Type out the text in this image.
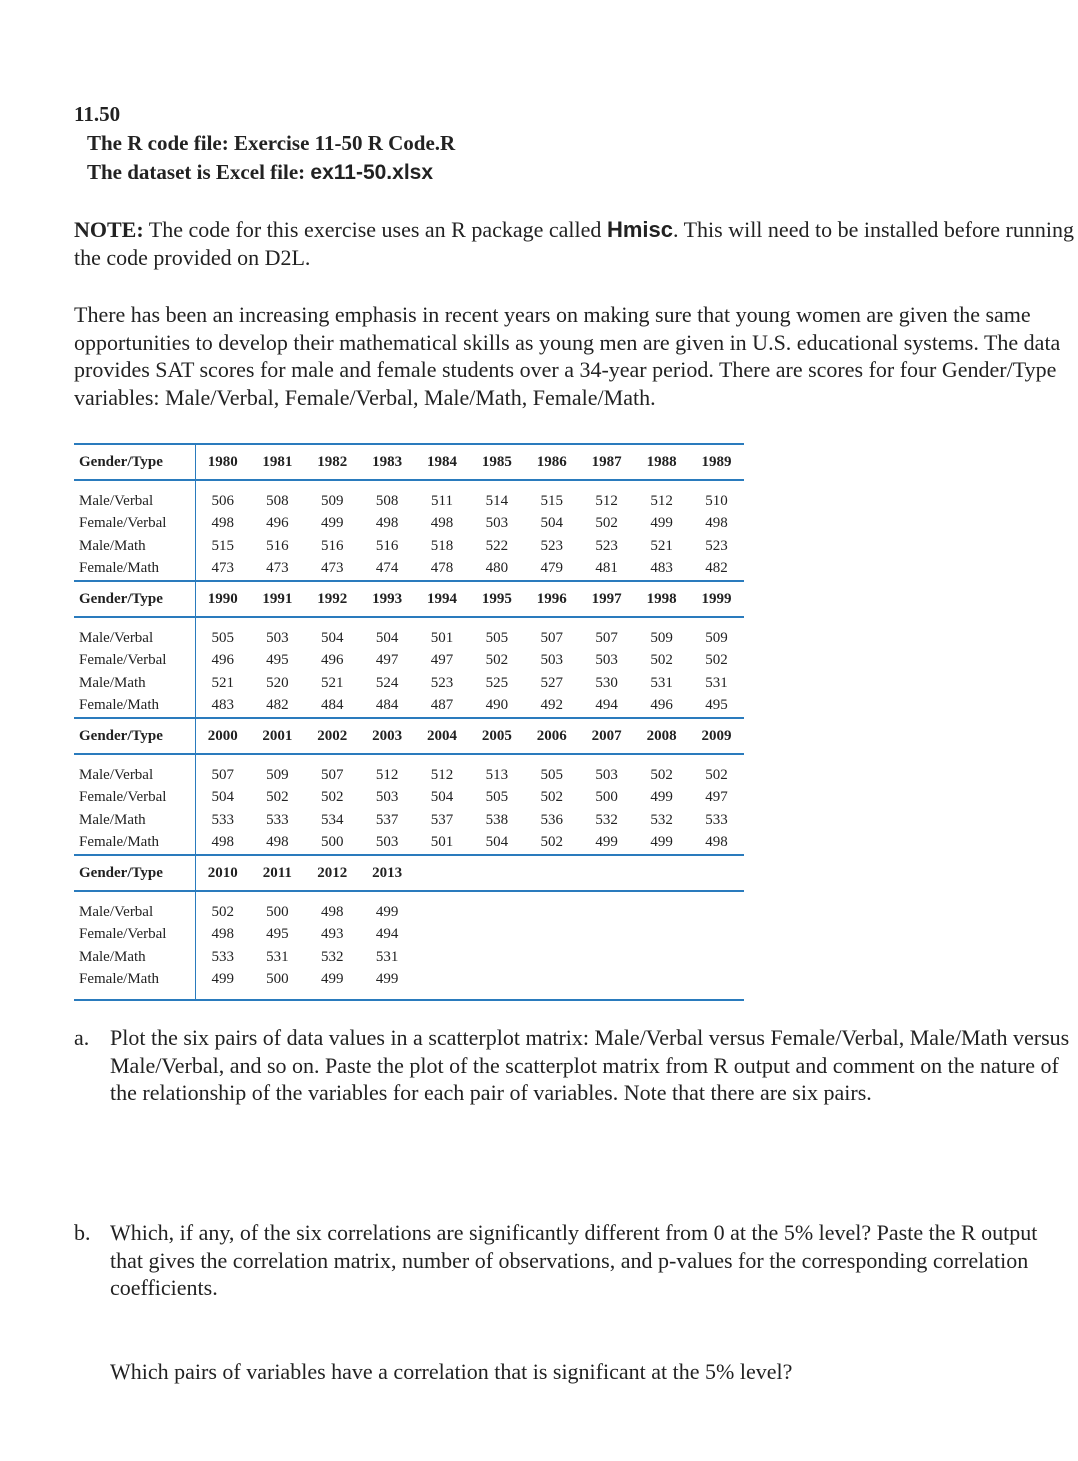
11.50
The R code file: Exercise 11-50 R Code.R
The dataset is Excel file: ex11-50.xlsx
NOTE: The code for this exercise uses an R package called Hmisc. This will need to be installed before running the code provided on D2L.
There has been an increasing emphasis in recent years on making sure that young women are given the same opportunities to develop their mathematical skills as young men are given in U.S. educational systems. The data provides SAT scores for male and female students over a 34-year period. There are scores for four Gender/Type variables: Male/Verbal, Female/Verbal, Male/Math, Female/Math.
Gender/Type	1980	1981	1982	1983	1984	1985	1986	1987	1988	1989

Male/Verbal	506	508	509	508	511	514	515	512	512	510
Female/Verbal	498	496	499	498	498	503	504	502	499	498
Male/Math	515	516	516	516	518	522	523	523	521	523
Female/Math	473	473	473	474	478	480	479	481	483	482
Gender/Type	1990	1991	1992	1993	1994	1995	1996	1997	1998	1999

Male/Verbal	505	503	504	504	501	505	507	507	509	509
Female/Verbal	496	495	496	497	497	502	503	503	502	502
Male/Math	521	520	521	524	523	525	527	530	531	531
Female/Math	483	482	484	484	487	490	492	494	496	495
Gender/Type	2000	2001	2002	2003	2004	2005	2006	2007	2008	2009

Male/Verbal	507	509	507	512	512	513	505	503	502	502
Female/Verbal	504	502	502	503	504	505	502	500	499	497
Male/Math	533	533	534	537	537	538	536	532	532	533
Female/Math	498	498	500	503	501	504	502	499	499	498
Gender/Type	2010	2011	2012	2013						

Male/Verbal	502	500	498	499						
Female/Verbal	498	495	493	494						
Male/Math	533	531	532	531						
Female/Math	499	500	499	499						

a. Plot the six pairs of data values in a scatterplot matrix: Male/Verbal versus Female/Verbal, Male/Math versus Male/Verbal, and so on. Paste the plot of the scatterplot matrix from R output and comment on the nature of the relationship of the variables for each pair of variables. Note that there are six pairs.
b. Which, if any, of the six correlations are significantly different from 0 at the 5% level? Paste the R output that gives the correlation matrix, number of observations, and p-values for the corresponding correlation coefficients.
Which pairs of variables have a correlation that is significant at the 5% level?
